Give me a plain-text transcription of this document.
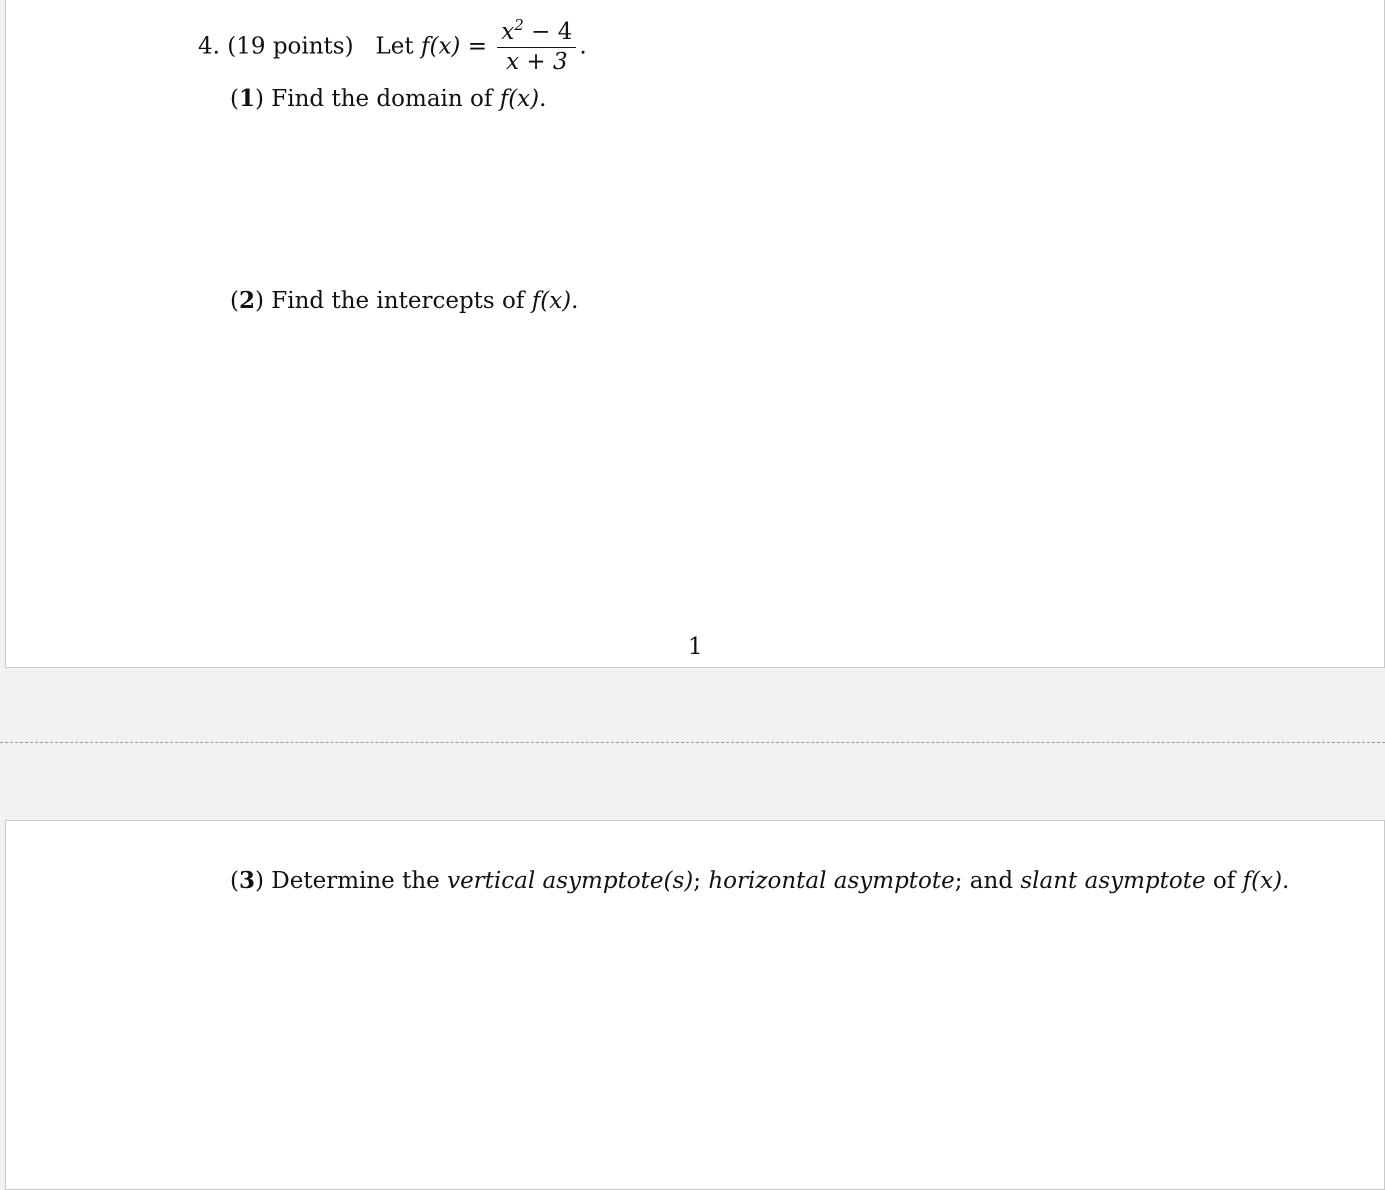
4. (19 points) Let $f(x) = \frac{x^2 - 4}{x + 3}$ .
(1) Find the domain of f(x).
(2) Find the intercepts of f(x).
1
(3) Determine the vertical asymptote(s); horizontal asymptote; and slant asymptote of f(x).
